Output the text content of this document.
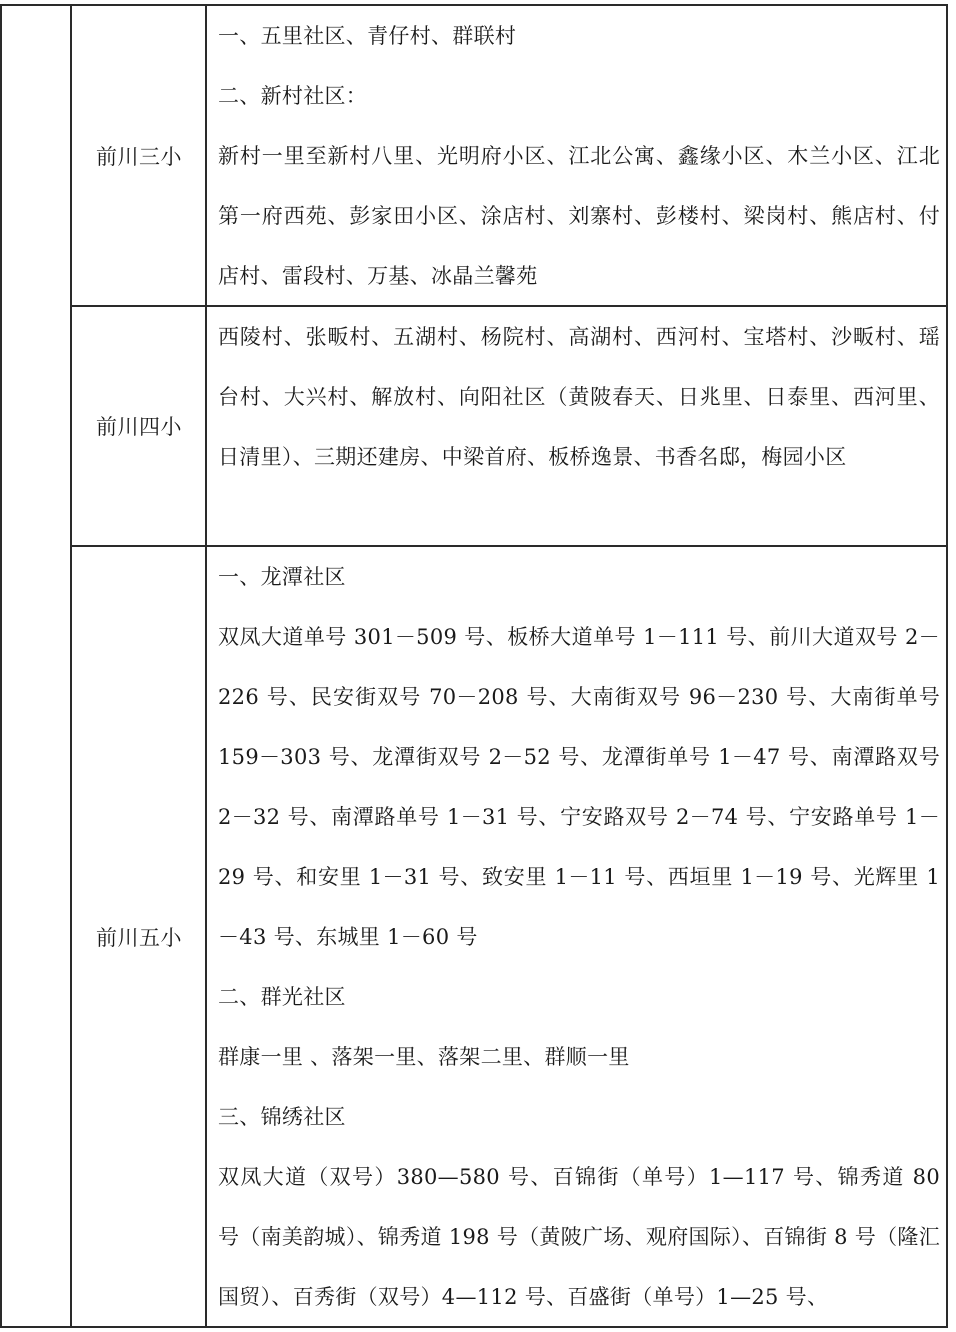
前川三小

一、五里社区、青仔村、群联村

二、新村社区：

新村一里至新村八里、光明府小区、江北公寓、鑫缘小区、木兰小区、江北第一府西苑、彭家田小区、涂店村、刘寨村、彭楼村、梁岗村、熊店村、付店村、雷段村、万基、冰晶兰馨苑

前川四小

西陵村、张畈村、五湖村、杨院村、高湖村、西河村、宝塔村、沙畈村、瑶台村、大兴村、解放村、向阳社区（黄陂春天、日兆里、日泰里、西河里、日清里）、三期还建房、中梁首府、板桥逸景、书香名邸，梅园小区

前川五小

一、龙潭社区

双凤大道单号 301－509 号、板桥大道单号 1－111 号、前川大道双号 2－226 号、民安街双号 70－208 号、大南街双号 96－230 号、大南街单号 159－303 号、龙潭街双号 2－52 号、龙潭街单号 1－47 号、南潭路双号 2－32 号、南潭路单号 1－31 号、宁安路双号 2－74 号、宁安路单号 1－29 号、和安里 1－31 号、致安里 1－11 号、西垣里 1－19 号、光辉里 1－43 号、东城里 1－60 号

二、群光社区

群康一里 、落架一里、落架二里、群顺一里

三、锦绣社区

双凤大道（双号）380—580 号、百锦街（单号）1—117 号、锦秀道 80 号（南美韵城）、锦秀道 198 号（黄陂广场、观府国际）、百锦街 8 号（隆汇国贸）、百秀街（双号）4—112 号、百盛街（单号）1—25 号、
